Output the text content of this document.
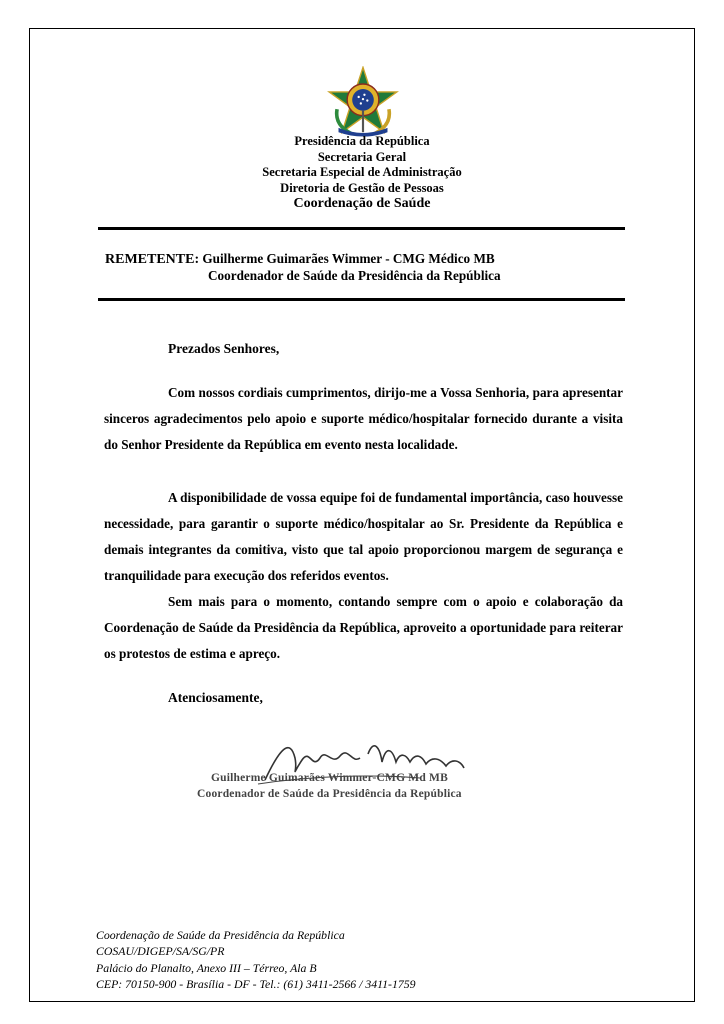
Presidência da República
Secretaria Geral
Secretaria Especial de Administração
Diretoria de Gestão de Pessoas
Coordenação de Saúde
REMETENTE: Guilherme Guimarães Wimmer - CMG Médico MB
Coordenador de Saúde da Presidência da República
Prezados Senhores,

Com nossos cordiais cumprimentos, dirijo-me a Vossa Senhoria, para apresentar sinceros agradecimentos pelo apoio e suporte médico/hospitalar fornecido durante a visita do Senhor Presidente da República em evento nesta localidade.

A disponibilidade de vossa equipe foi de fundamental importância, caso houvesse necessidade, para garantir o suporte médico/hospitalar ao Sr. Presidente da República e demais integrantes da comitiva, visto que tal apoio proporcionou margem de segurança e tranquilidade para execução dos referidos eventos.

Sem mais para o momento, contando sempre com o apoio e colaboração da Coordenação de Saúde da Presidência da República, aproveito a oportunidade para reiterar os protestos de estima e apreço.

Atenciosamente,
Guilherme Guimarães Wimmer-CMG Md MB
Coordenador de Saúde da Presidência da República
Coordenação de Saúde da Presidência da República
COSAU/DIGEP/SA/SG/PR
Palácio do Planalto, Anexo III – Térreo, Ala B
CEP: 70150-900 - Brasília - DF - Tel.: (61) 3411-2566 / 3411-1759
